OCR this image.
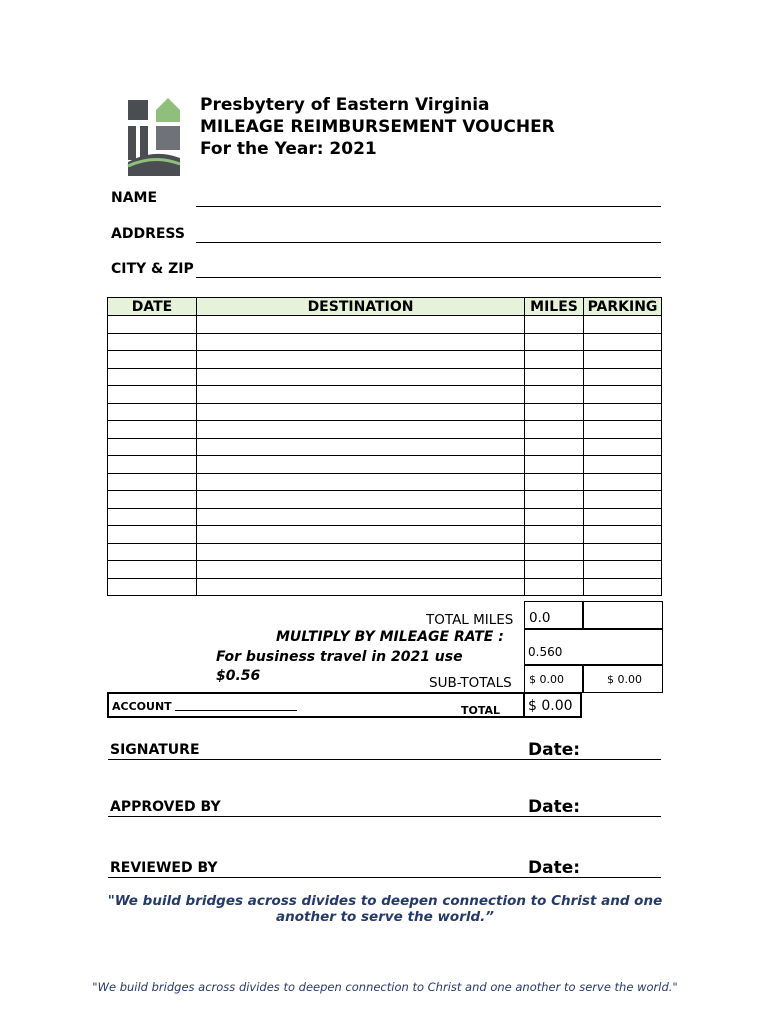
Presbytery of Eastern Virginia
MILEAGE REIMBURSEMENT VOUCHER
For the Year: 2021
NAME
ADDRESS
CITY & ZIP
DATE	DESTINATION	MILES	PARKING

TOTAL MILES 0.0
MULTIPLY BY MILEAGE RATE :
For business travel in 2021 use
$0.56
0.560
SUB-TOTALS $ 0.00	$ 0.00
ACCOUNT	TOTAL $ 0.00
SIGNATURE	Date:
APPROVED BY	Date:
REVIEWED BY	Date:
"We build bridges across divides to deepen connection to Christ and one
another to serve the world.”
"We build bridges across divides to deepen connection to Christ and one another to serve the world."
